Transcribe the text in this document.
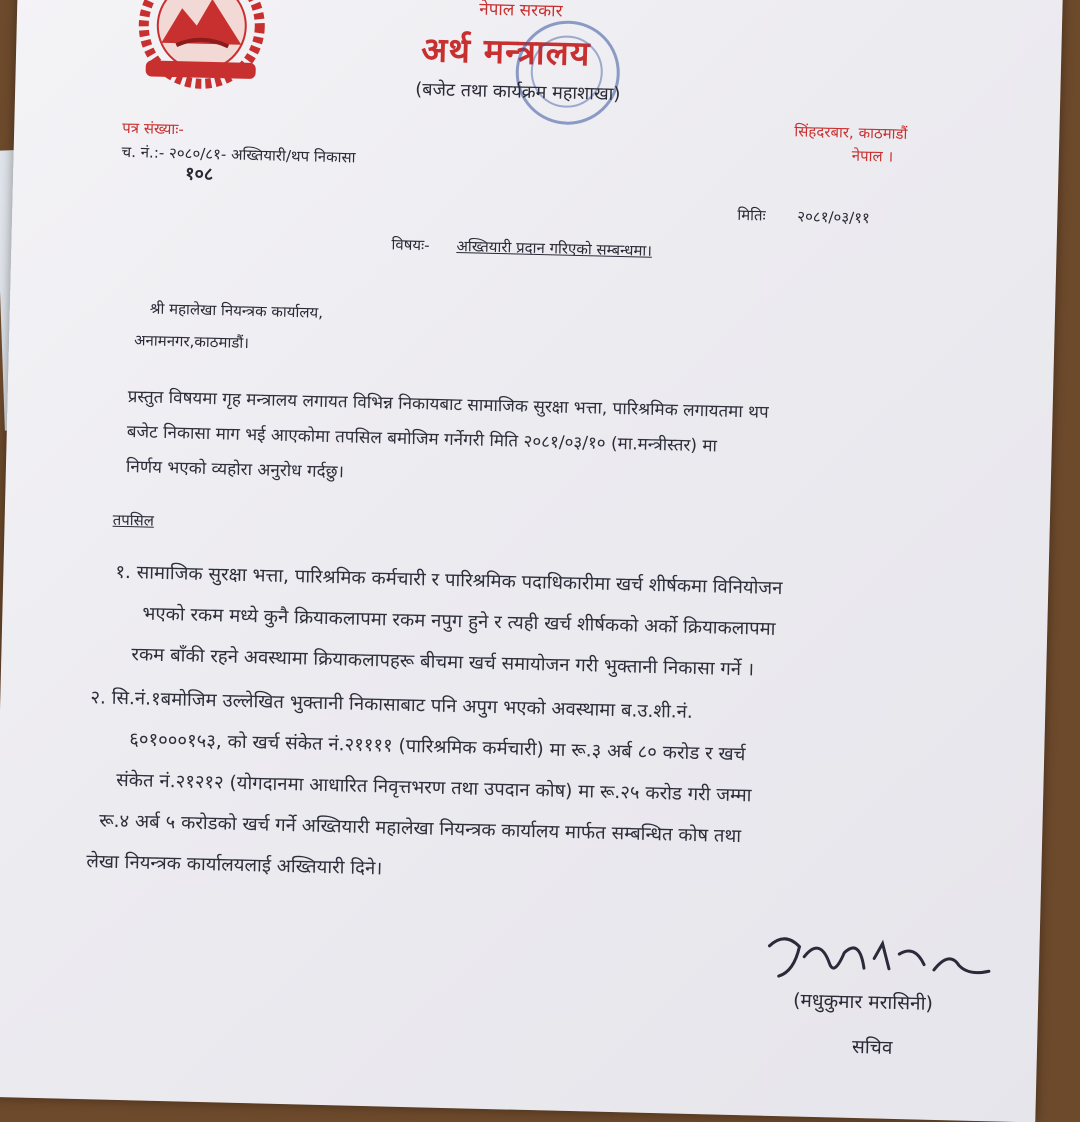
नेपाल सरकार
अर्थ मन्त्रालय
(बजेट तथा कार्यक्रम महाशाखा)
पत्र संख्याः-
च. नं.:- २०८०/८१- अख्तियारी/थप निकासा
१०८
सिंहदरबार, काठमाडौं
नेपाल ।
मितिः २०८१/०३/११
विषयः- अख्तियारी प्रदान गरिएको सम्बन्धमा।
श्री महालेखा नियन्त्रक कार्यालय,
अनामनगर,काठमाडौं।
प्रस्तुत विषयमा गृह मन्त्रालय लगायत विभिन्न निकायबाट सामाजिक सुरक्षा भत्ता, पारिश्रमिक लगायतमा थप
बजेट निकासा माग भई आएकोमा तपसिल बमोजिम गर्नेगरी मिति २०८१/०३/१० (मा.मन्त्रीस्तर) मा
निर्णय भएको व्यहोरा अनुरोध गर्दछु।
तपसिल
१. सामाजिक सुरक्षा भत्ता, पारिश्रमिक कर्मचारी र पारिश्रमिक पदाधिकारीमा खर्च शीर्षकमा विनियोजन
भएको रकम मध्ये कुनै क्रियाकलापमा रकम नपुग हुने र त्यही खर्च शीर्षकको अर्को क्रियाकलापमा
रकम बाँकी रहने अवस्थामा क्रियाकलापहरू बीचमा खर्च समायोजन गरी भुक्तानी निकासा गर्ने ।
२. सि.नं.१बमोजिम उल्लेखित भुक्तानी निकासाबाट पनि अपुग भएको अवस्थामा ब.उ.शी.नं.
६०१०००१५३, को खर्च संकेत नं.२११११ (पारिश्रमिक कर्मचारी) मा रू.३ अर्ब ८० करोड र खर्च
संकेत नं.२१२१२ (योगदानमा आधारित निवृत्तभरण तथा उपदान कोष) मा रू.२५ करोड गरी जम्मा
रू.४ अर्ब ५ करोडको खर्च गर्ने अख्तियारी महालेखा नियन्त्रक कार्यालय मार्फत सम्बन्धित कोष तथा
लेखा नियन्त्रक कार्यालयलाई अख्तियारी दिने।
(मधुकुमार मरासिनी)
सचिव
